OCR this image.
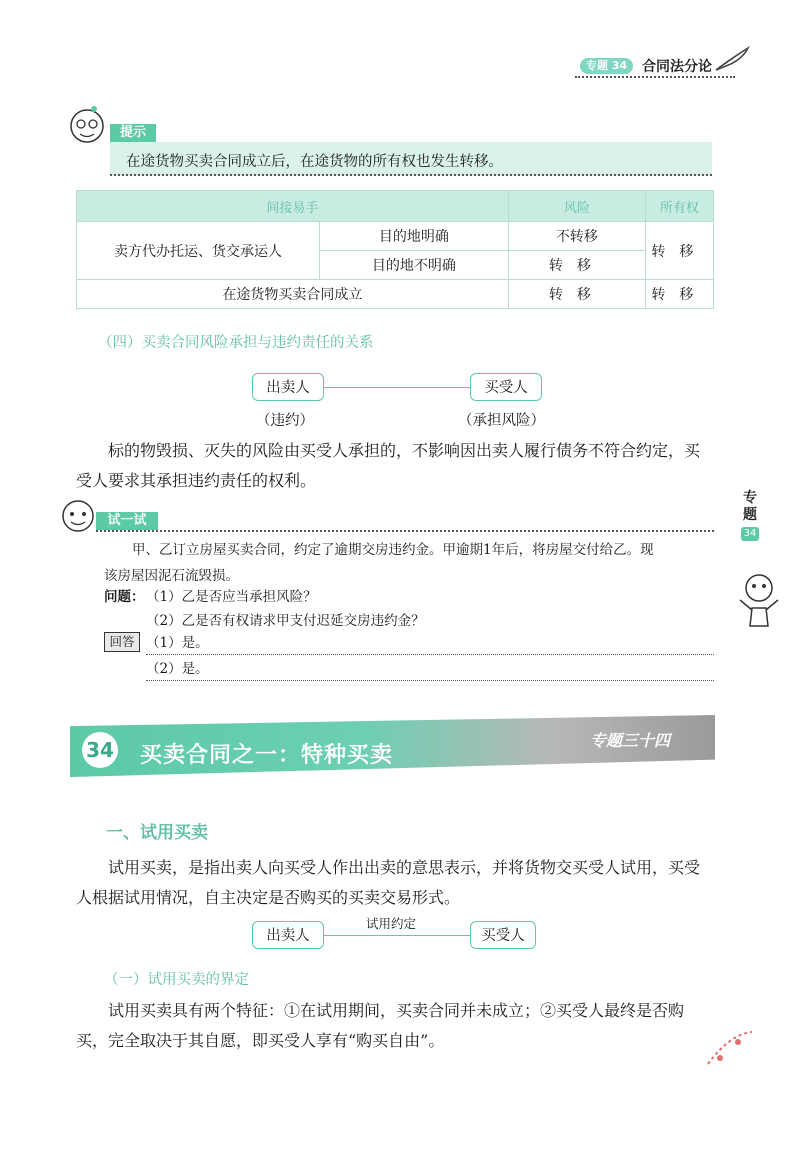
专题 34	合同法分论
提示
在途货物买卖合同成立后，在途货物的所有权也发生转移。
间接易手		风险	所有权
卖方代办托运、货交承运人	目的地明确	不转移	转移
	目的地不明确	转移	
在途货物买卖合同成立		转移	转移
（四）买卖合同风险承担与违约责任的关系
出卖人	买受人
（违约）	（承担风险）
标的物毁损、灭失的风险由买受人承担的，不影响因出卖人履行债务不符合约定，买
受人要求其承担违约责任的权利。
试一试
甲、乙订立房屋买卖合同，约定了逾期交房违约金。甲逾期1年后，将房屋交付给乙。现
该房屋因泥石流毁损。
问题： （1）乙是否应当承担风险？
（2）乙是否有权请求甲支付迟延交房违约金？
回答 （1）是。
（2）是。
34 买卖合同之一：特种买卖
专题三十四
一、试用买卖
试用买卖，是指出卖人向买受人作出出卖的意思表示，并将货物交买受人试用，买受
人根据试用情况，自主决定是否购买的买卖交易形式。
试用约定
出卖人	买受人
（一）试用买卖的界定
试用买卖具有两个特征：①在试用期间，买卖合同并未成立；②买受人最终是否购
买，完全取决于其自愿，即买受人享有“购买自由”。
专题
34
